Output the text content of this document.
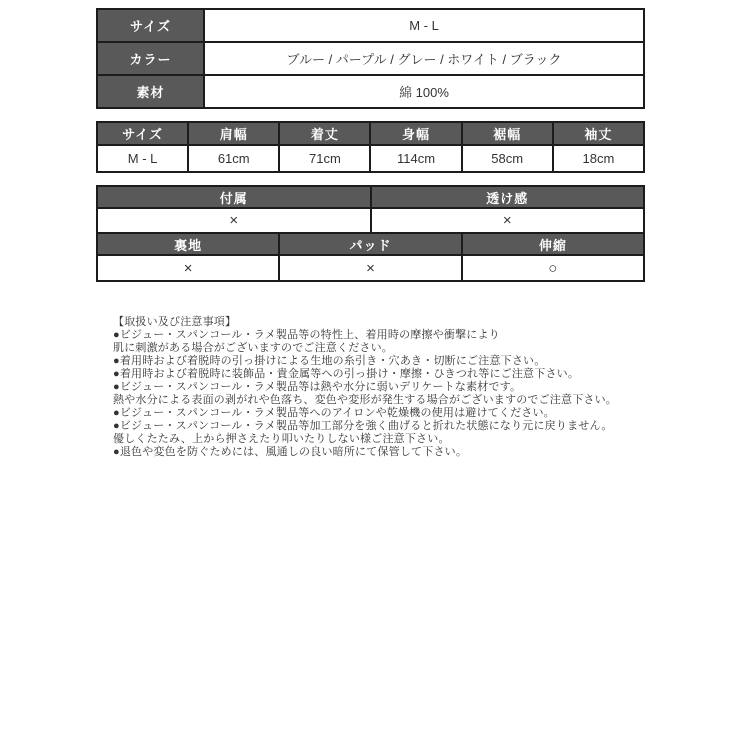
サイズ	M - L
カラー	ブルー / パープル / グレー / ホワイト / ブラック
素材	綿 100%
サイズ	肩幅	着丈	身幅	裾幅	袖丈
M - L	61cm	71cm	114cm	58cm	18cm
付属	透け感
×	×
裏地	パッド	伸縮
×	×	○
【取扱い及び注意事項】
●ビジュー・スパンコール・ラメ製品等の特性上、着用時の摩擦や衝撃により
肌に刺激がある場合がございますのでご注意ください。
●着用時および着脱時の引っ掛けによる生地の糸引き・穴あき・切断にご注意下さい。
●着用時および着脱時に装飾品・貴金属等への引っ掛け・摩擦・ひきつれ等にご注意下さい。
●ビジュー・スパンコール・ラメ製品等は熱や水分に弱いデリケートな素材です。
熱や水分による表面の剥がれや色落ち、変色や変形が発生する場合がございますのでご注意下さい。
●ビジュー・スパンコール・ラメ製品等へのアイロンや乾燥機の使用は避けてください。
●ビジュー・スパンコール・ラメ製品等加工部分を強く曲げると折れた状態になり元に戻りません。
優しくたたみ、上から押さえたり叩いたりしない様ご注意下さい。
●退色や変色を防ぐためには、風通しの良い暗所にて保管して下さい。
